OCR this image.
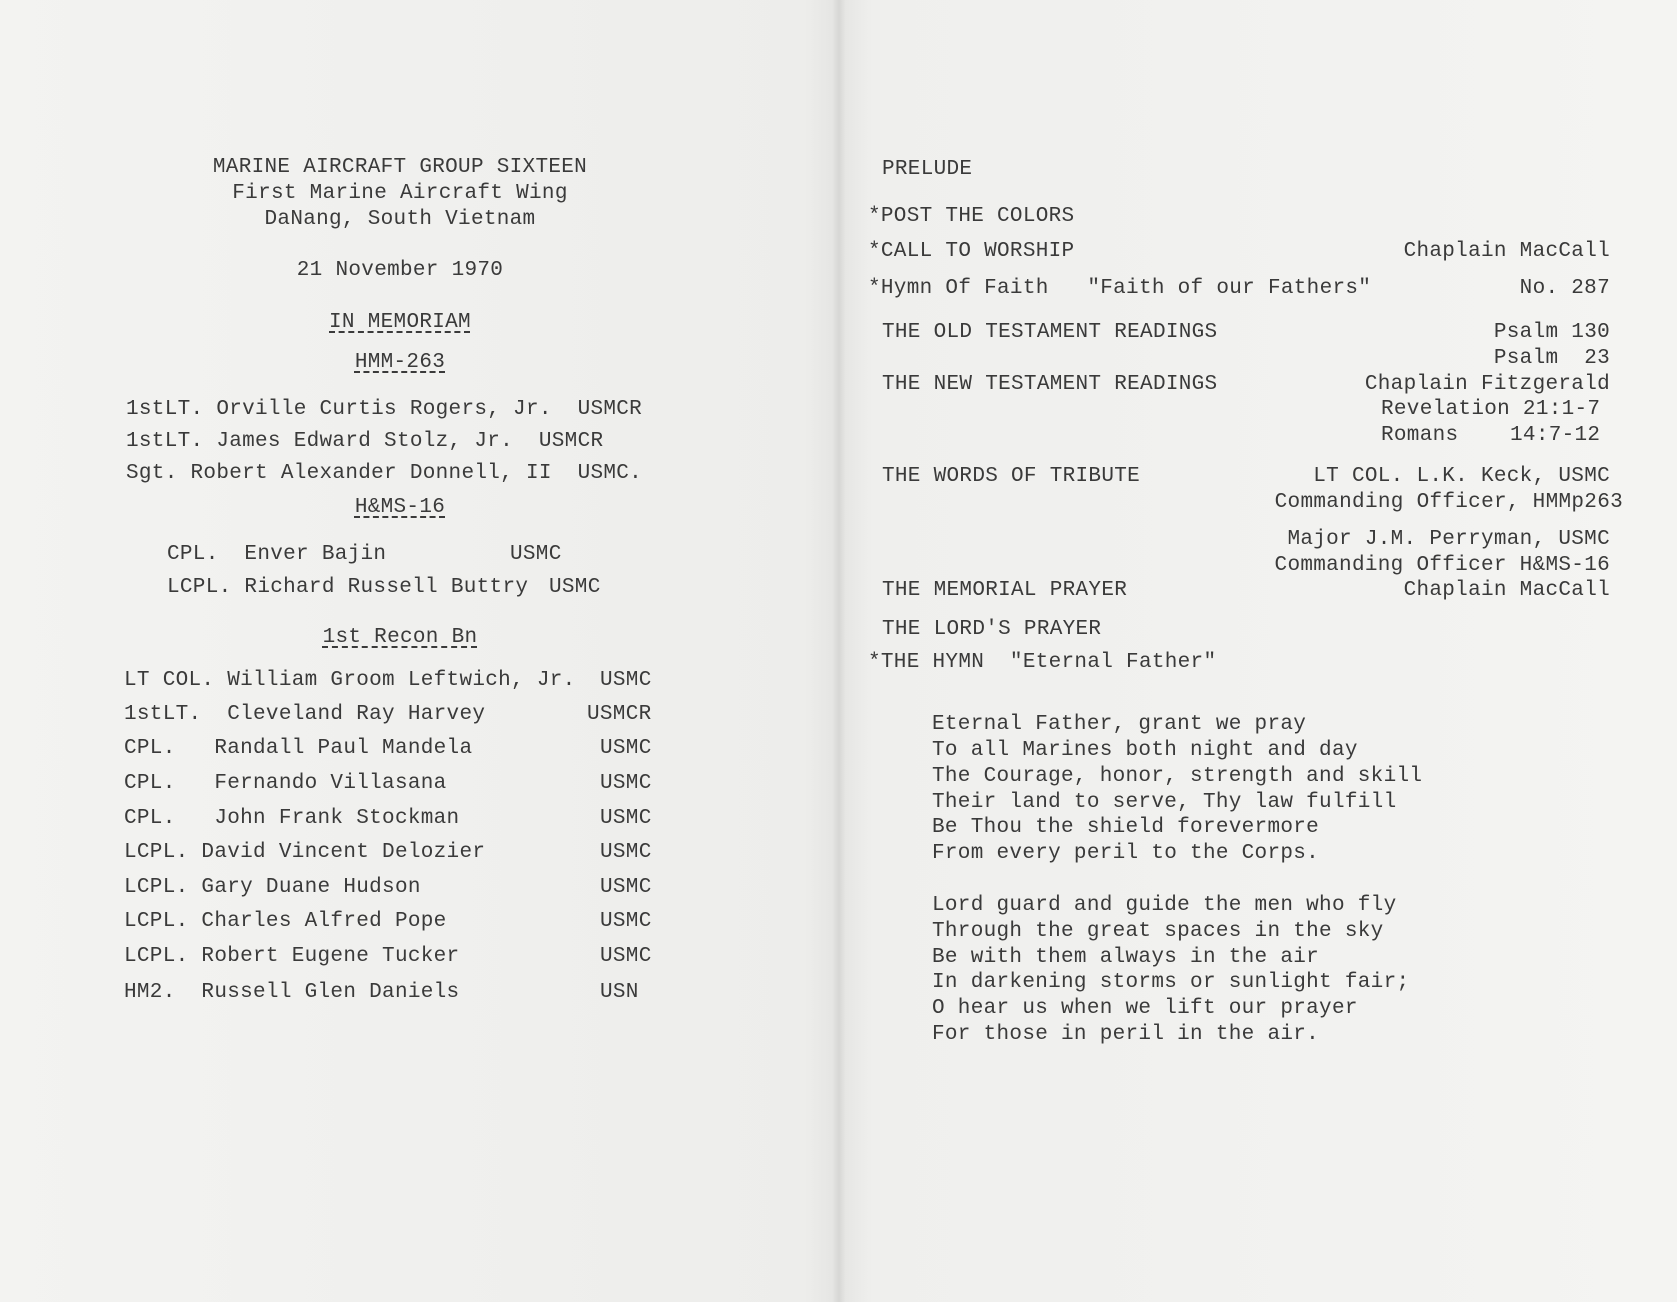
MARINE AIRCRAFT GROUP SIXTEEN
First Marine Aircraft Wing
DaNang, South Vietnam
21 November 1970
IN MEMORIAM
HMM-263
1stLT. Orville Curtis Rogers, Jr.  USMCR
1stLT. James Edward Stolz, Jr.  USMCR
Sgt. Robert Alexander Donnell, II  USMC.
H&MS-16
CPL.  Enver Bajin	USMC
LCPL. Richard Russell Buttry USMC
1st Recon Bn
LT COL. William Groom Leftwich, Jr. USMC
1stLT.  Cleveland Ray Harvey	USMCR
CPL.   Randall Paul Mandela	USMC
CPL.   Fernando Villasana	USMC
CPL.   John Frank Stockman	USMC
LCPL. David Vincent Delozier	USMC
LCPL. Gary Duane Hudson	USMC
LCPL. Charles Alfred Pope	USMC
LCPL. Robert Eugene Tucker	USMC
HM2.  Russell Glen Daniels	USN
PRELUDE
*POST THE COLORS
*CALL TO WORSHIP	Chaplain MacCall
*Hymn Of Faith   "Faith of our Fathers"	No. 287
THE OLD TESTAMENT READINGS	Psalm 130
Psalm  23
THE NEW TESTAMENT READINGS	Chaplain Fitzgerald
Revelation 21:1-7
Romans    14:7-12
THE WORDS OF TRIBUTE	LT COL. L.K. Keck, USMC
Commanding Officer, HMMp263
Major J.M. Perryman, USMC
Commanding Officer H&MS-16
THE MEMORIAL PRAYER	Chaplain MacCall
THE LORD'S PRAYER
*THE HYMN  "Eternal Father"
Eternal Father, grant we pray
To all Marines both night and day
The Courage, honor, strength and skill
Their land to serve, Thy law fulfill
Be Thou the shield forevermore
From every peril to the Corps.
Lord guard and guide the men who fly
Through the great spaces in the sky
Be with them always in the air
In darkening storms or sunlight fair;
O hear us when we lift our prayer
For those in peril in the air.
